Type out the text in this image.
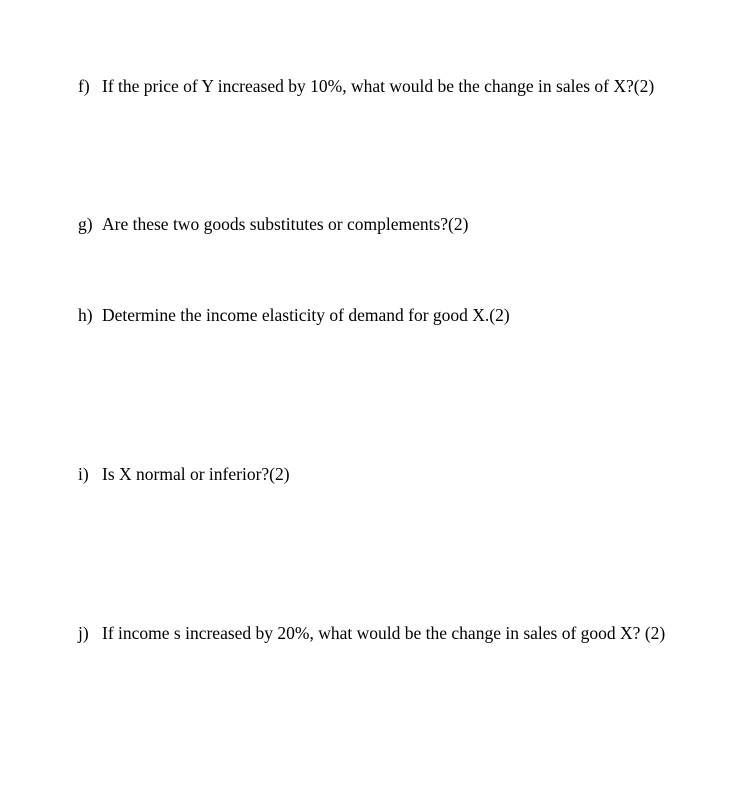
f) If the price of Y increased by 10%, what would be the change in sales of X?(2)
g) Are these two goods substitutes or complements?(2)
h) Determine the income elasticity of demand for good X.(2)
i) Is X normal or inferior?(2)
j) If income s increased by 20%, what would be the change in sales of good X? (2)
